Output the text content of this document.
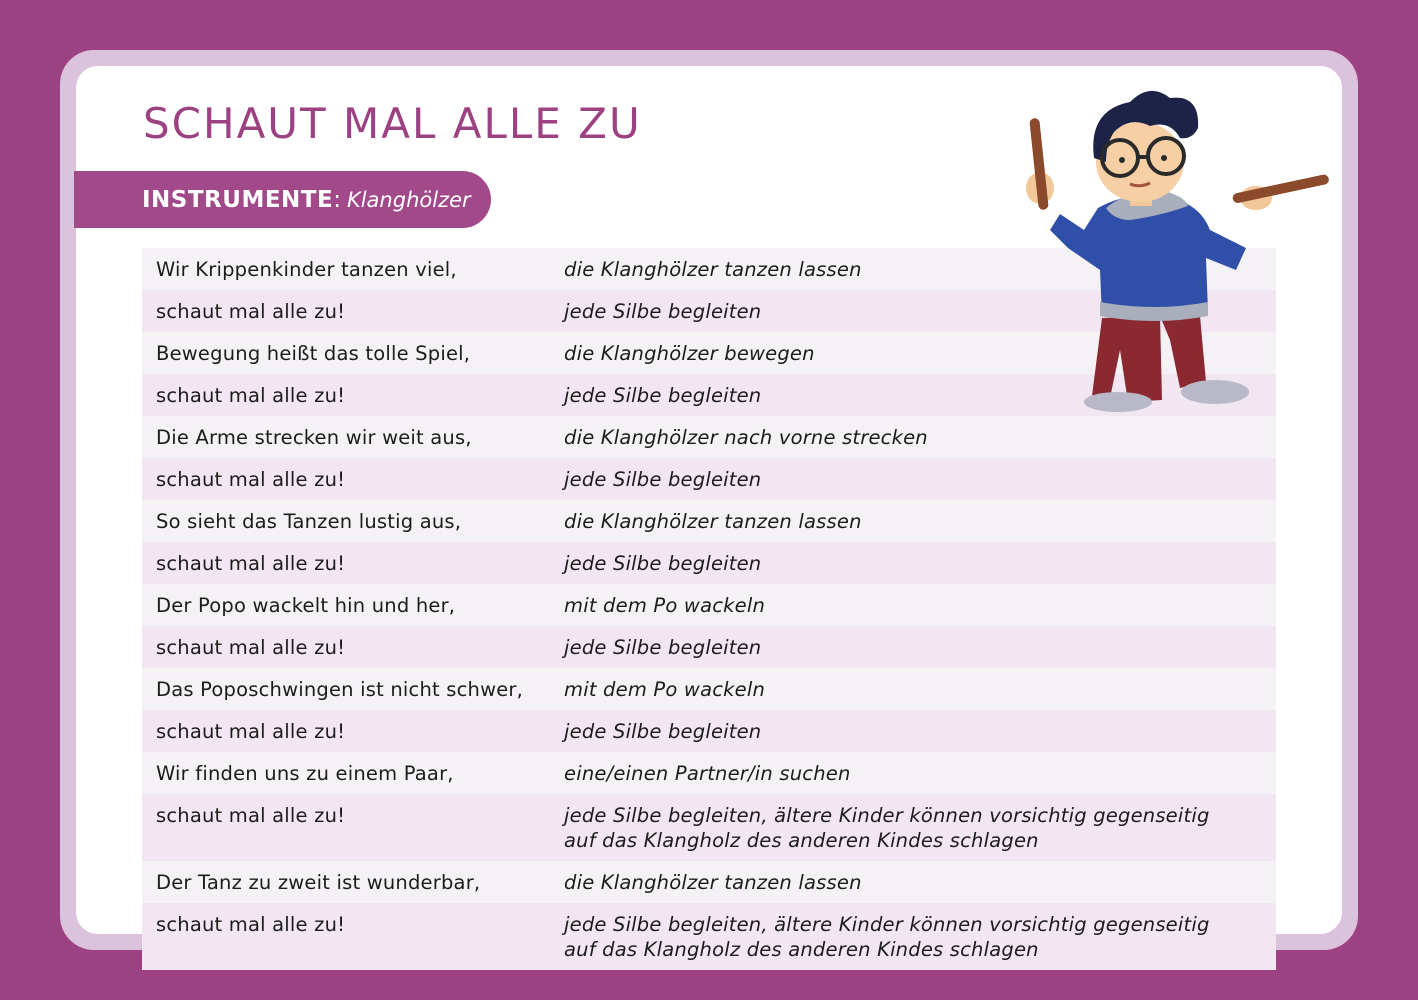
SCHAUT MAL ALLE ZU
INSTRUMENTE : Klanghölzer
Wir Krippenkinder tanzen viel,	die Klanghölzer tanzen lassen
schaut mal alle zu!	jede Silbe begleiten
Bewegung heißt das tolle Spiel,	die Klanghölzer bewegen
schaut mal alle zu!	jede Silbe begleiten
Die Arme strecken wir weit aus,	die Klanghölzer nach vorne strecken
schaut mal alle zu!	jede Silbe begleiten
So sieht das Tanzen lustig aus,	die Klanghölzer tanzen lassen
schaut mal alle zu!	jede Silbe begleiten
Der Popo wackelt hin und her,	mit dem Po wackeln
schaut mal alle zu!	jede Silbe begleiten
Das Poposchwingen ist nicht schwer,	mit dem Po wackeln
schaut mal alle zu!	jede Silbe begleiten
Wir finden uns zu einem Paar,	eine/einen Partner/in suchen
schaut mal alle zu!	jede Silbe begleiten, ältere Kinder können vorsichtig gegenseitig auf das Klangholz des anderen Kindes schlagen
Der Tanz zu zweit ist wunderbar,	die Klanghölzer tanzen lassen
schaut mal alle zu!	jede Silbe begleiten, ältere Kinder können vorsichtig gegenseitig auf das Klangholz des anderen Kindes schlagen
